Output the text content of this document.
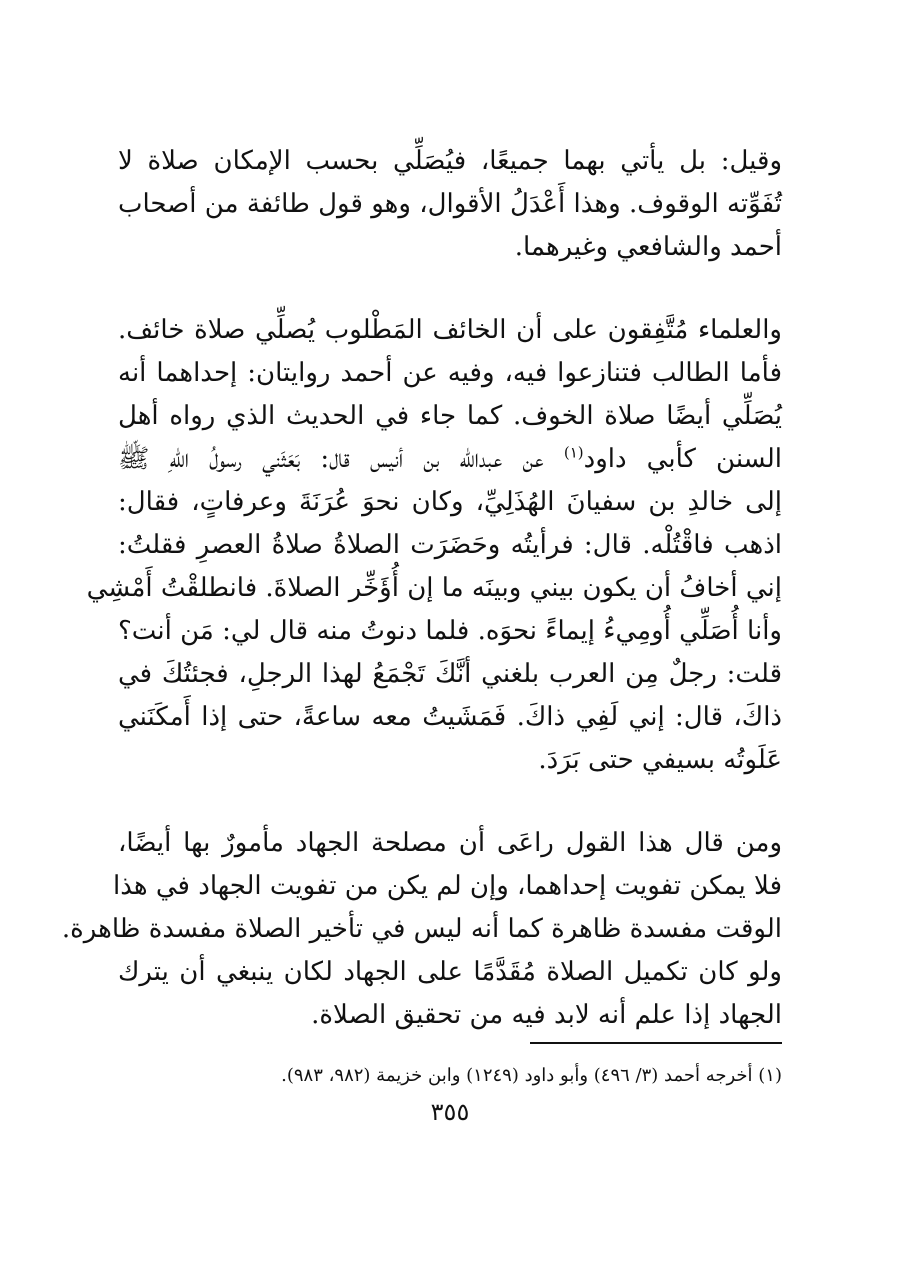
وقيل: بل يأتي بهما جميعًا، فيُصَلِّي بحسب الإمكان صلاة لا
تُفَوِّته الوقوف. وهذا أَعْدَلُ الأقوال، وهو قول طائفة من أصحاب
أحمد والشافعي وغيرهما.

والعلماء مُتَّفِقون على أن الخائف المَطْلوب يُصلِّي صلاة خائف.
فأما الطالب فتنازعوا فيه، وفيه عن أحمد روايتان: إحداهما أنه
يُصَلِّي أيضًا صلاة الخوف. كما جاء في الحديث الذي رواه أهل
السنن كأبي داود$^{(١)}$ عن عبدالله بن أنيس قال: بَعَثَني رسولُ اللهِ ﷺ
إلى خالدِ بن سفيانَ الهُذَلِيِّ، وكان نحوَ عُرَنَةَ وعرفاتٍ، فقال:
اذهب فاقْتُلْه. قال: فرأيتُه وحَضَرَت الصلاةُ صلاةُ العصرِ فقلتُ:
إني أخافُ أن يكون بيني وبينَه ما إن أُؤَخِّر الصلاةَ. فانطلقْتُ أَمْشِي
وأنا أُصَلِّي أُومِيءُ إيماءً نحوَه. فلما دنوتُ منه قال لي: مَن أنت؟
قلت: رجلٌ مِن العرب بلغني أنَّكَ تَجْمَعُ لهذا الرجلِ، فجئتُكَ في
ذاكَ، قال: إني لَفِي ذاكَ. فَمَشَيتُ معه ساعةً، حتى إذا أَمكَنَني
عَلَوتُه بسيفي حتى بَرَدَ.

ومن قال هذا القول راعَى أن مصلحة الجهاد مأمورٌ بها أيضًا،
فلا يمكن تفويت إحداهما، وإن لم يكن من تفويت الجهاد في هذا
الوقت مفسدة ظاهرة كما أنه ليس في تأخير الصلاة مفسدة ظاهرة.
ولو كان تكميل الصلاة مُقَدَّمًا على الجهاد لكان ينبغي أن يترك
الجهاد إذا علم أنه لابد فيه من تحقيق الصلاة.

(١) أخرجه أحمد (٣/ ٤٩٦) وأبو داود (١٢٤٩) وابن خزيمة (٩٨٢، ٩٨٣).
٣٥٥
